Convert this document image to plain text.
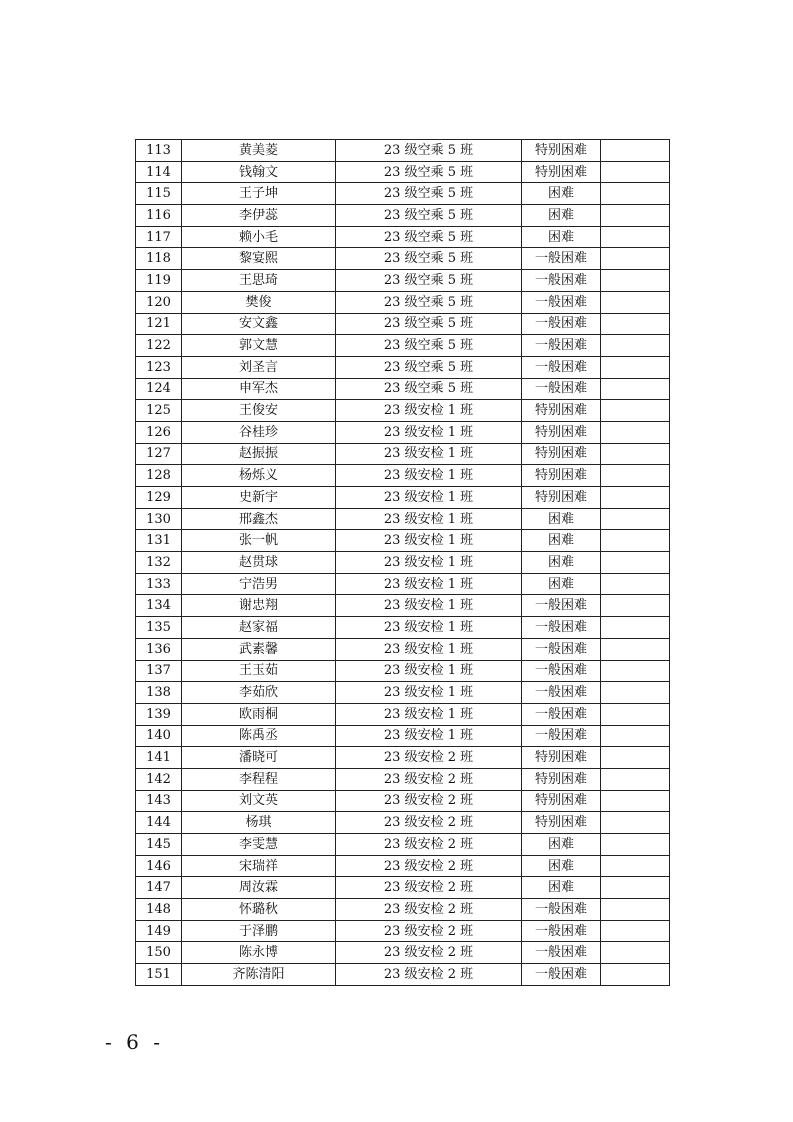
113	黄美菱	23 级空乘 5 班	特别困难	
114	钱翰文	23 级空乘 5 班	特别困难	
115	王子坤	23 级空乘 5 班	困难	
116	李伊蕊	23 级空乘 5 班	困难	
117	赖小毛	23 级空乘 5 班	困难	
118	黎宴熙	23 级空乘 5 班	一般困难	
119	王思琦	23 级空乘 5 班	一般困难	
120	樊俊	23 级空乘 5 班	一般困难	
121	安文鑫	23 级空乘 5 班	一般困难	
122	郭文慧	23 级空乘 5 班	一般困难	
123	刘圣言	23 级空乘 5 班	一般困难	
124	申军杰	23 级空乘 5 班	一般困难	
125	王俊安	23 级安检 1 班	特别困难	
126	谷桂珍	23 级安检 1 班	特别困难	
127	赵振振	23 级安检 1 班	特别困难	
128	杨烁义	23 级安检 1 班	特别困难	
129	史新宇	23 级安检 1 班	特别困难	
130	邢鑫杰	23 级安检 1 班	困难	
131	张一帆	23 级安检 1 班	困难	
132	赵贯球	23 级安检 1 班	困难	
133	宁浩男	23 级安检 1 班	困难	
134	谢忠翔	23 级安检 1 班	一般困难	
135	赵家福	23 级安检 1 班	一般困难	
136	武素馨	23 级安检 1 班	一般困难	
137	王玉茹	23 级安检 1 班	一般困难	
138	李茹欣	23 级安检 1 班	一般困难	
139	欧雨桐	23 级安检 1 班	一般困难	
140	陈禹丞	23 级安检 1 班	一般困难	
141	潘晓可	23 级安检 2 班	特别困难	
142	李程程	23 级安检 2 班	特别困难	
143	刘文英	23 级安检 2 班	特别困难	
144	杨琪	23 级安检 2 班	特别困难	
145	李雯慧	23 级安检 2 班	困难	
146	宋瑞祥	23 级安检 2 班	困难	
147	周汝霖	23 级安检 2 班	困难	
148	怀璐秋	23 级安检 2 班	一般困难	
149	于泽鹏	23 级安检 2 班	一般困难	
150	陈永博	23 级安检 2 班	一般困难	
151	齐陈清阳	23 级安检 2 班	一般困难	
- 6 -
